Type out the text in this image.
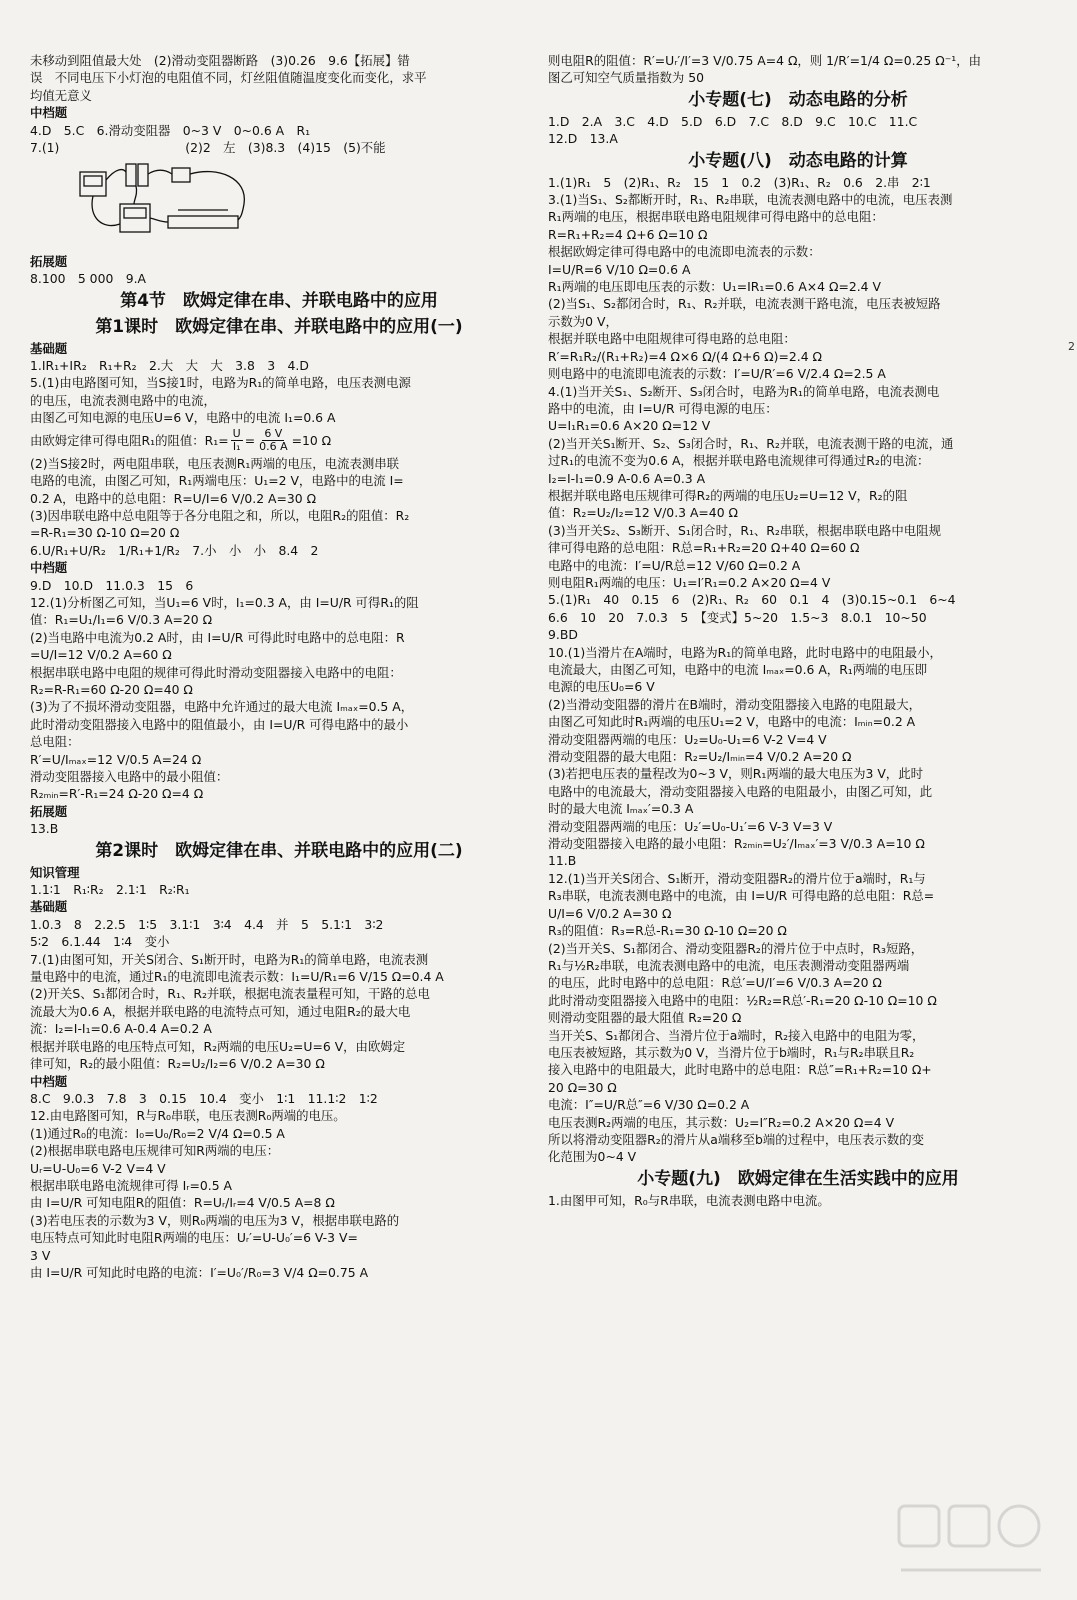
未移动到阻值最大处　(2)滑动变阻器断路　(3)0.26　9.6【拓展】错
误　不同电压下小灯泡的电阻值不同，灯丝阻值随温度变化而变化，求平
均值无意义
中档题
4.D　5.C　6.滑动变阻器　0~3 V　0~0.6 A　R₁
7.(1)	(2)2　左　(3)8.3　(4)15　(5)不能
拓展题
8.100　5 000　9.A
第4节　欧姆定律在串、并联电路中的应用
第1课时　欧姆定律在串、并联电路中的应用(一)
基础题
1.IR₁+IR₂　R₁+R₂　2.大　大　大　3.8　3　4.D
5.(1)由电路图可知，当S接1时，电路为R₁的简单电路，电压表测电源
的电压，电流表测电路中的电流，
由图乙可知电源的电压U=6 V，电路中的电流 I₁=0.6 A
由欧姆定律可得电阻R₁的阻值：$R_1= \frac{U}{\text{I₁}} = \frac{6 V}{0.6 A} =10$ Ω
(2)当S接2时，两电阻串联，电压表测R₁两端的电压，电流表测串联
电路的电流，由图乙可知，R₁两端电压：U₁=2 V，电路中的电流 I=
0.2 A，电路中的总电阻：R=U/I=6 V/0.2 A=30 Ω
(3)因串联电路中总电阻等于各分电阻之和，所以，电阻R₂的阻值：R₂
=R-R₁=30 Ω-10 Ω=20 Ω
6.U/R₁+U/R₂　1/R₁+1/R₂　7.小　小　小　8.4　2
中档题
9.D　10.D　11.0.3　15　6
12.(1)分析图乙可知，当U₁=6 V时，I₁=0.3 A，由 I=U/R 可得R₁的阻
值：R₁=U₁/I₁=6 V/0.3 A=20 Ω
(2)当电路中电流为0.2 A时，由 I=U/R 可得此时电路中的总电阻：R
=U/I=12 V/0.2 A=60 Ω
根据串联电路中电阻的规律可得此时滑动变阻器接入电路中的电阻：
R₂=R-R₁=60 Ω-20 Ω=40 Ω
(3)为了不损坏滑动变阻器，电路中允许通过的最大电流 Iₘₐₓ=0.5 A，
此时滑动变阻器接入电路中的阻值最小，由 I=U/R 可得电路中的最小
总电阻：
R′=U/Iₘₐₓ=12 V/0.5 A=24 Ω
滑动变阻器接入电路中的最小阻值：
R₂ₘᵢₙ=R′-R₁=24 Ω-20 Ω=4 Ω
拓展题
13.B
第2课时　欧姆定律在串、并联电路中的应用(二)
知识管理
1.1∶1　R₁∶R₂　2.1∶1　R₂∶R₁
基础题
1.0.3　8　2.2.5　1∶5　3.1∶1　3∶4　4.4　并　5　5.1∶1　3∶2
5∶2　6.1.44　1∶4　变小
7.(1)由图可知，开关S闭合、S₁断开时，电路为R₁的简单电路，电流表测
量电路中的电流，通过R₁的电流即电流表示数：I₁=U/R₁=6 V/15 Ω=0.4 A
(2)开关S、S₁都闭合时，R₁、R₂并联，根据电流表量程可知，干路的总电
流最大为0.6 A，根据并联电路的电流特点可知，通过电阻R₂的最大电
流：I₂=I-I₁=0.6 A-0.4 A=0.2 A
根据并联电路的电压特点可知，R₂两端的电压U₂=U=6 V，由欧姆定
律可知，R₂的最小阻值：R₂=U₂/I₂=6 V/0.2 A=30 Ω
中档题
8.C　9.0.3　7.8　3　0.15　10.4　变小　1∶1　11.1∶2　1∶2
12.由电路图可知，R与R₀串联，电压表测R₀两端的电压。
(1)通过R₀的电流：I₀=U₀/R₀=2 V/4 Ω=0.5 A
(2)根据串联电路电压规律可知R两端的电压：
Uᵣ=U-U₀=6 V-2 V=4 V
根据串联电路电流规律可得 Iᵣ=0.5 A
由 I=U/R 可知电阻R的阻值：R=Uᵣ/Iᵣ=4 V/0.5 A=8 Ω
(3)若电压表的示数为3 V，则R₀两端的电压为3 V，根据串联电路的
电压特点可知此时电阻R两端的电压：Uᵣ′=U-U₀′=6 V-3 V=
3 V
由 I=U/R 可知此时电路的电流：I′=U₀′/R₀=3 V/4 Ω=0.75 A
则电阻R的阻值：R′=Uᵣ′/I′=3 V/0.75 A=4 Ω，则 1/R′=1/4 Ω=0.25 Ω⁻¹，由
图乙可知空气质量指数为 50
小专题(七)　动态电路的分析
1.D　2.A　3.C　4.D　5.D　6.D　7.C　8.D　9.C　10.C　11.C
12.D　13.A
小专题(八)　动态电路的计算
1.(1)R₁　5　(2)R₁、R₂　15　1　0.2　(3)R₁、R₂　0.6　2.串　2∶1
3.(1)当S₁、S₂都断开时，R₁、R₂串联，电流表测电路中的电流，电压表测
R₁两端的电压，根据串联电路电阻规律可得电路中的总电阻：
R=R₁+R₂=4 Ω+6 Ω=10 Ω
根据欧姆定律可得电路中的电流即电流表的示数：
I=U/R=6 V/10 Ω=0.6 A
R₁两端的电压即电压表的示数：U₁=IR₁=0.6 A×4 Ω=2.4 V
(2)当S₁、S₂都闭合时，R₁、R₂并联，电流表测干路电流，电压表被短路
示数为0 V，
根据并联电路中电阻规律可得电路的总电阻：
R′=R₁R₂/(R₁+R₂)=4 Ω×6 Ω/(4 Ω+6 Ω)=2.4 Ω
则电路中的电流即电流表的示数：I′=U/R′=6 V/2.4 Ω=2.5 A
4.(1)当开关S₁、S₂断开、S₃闭合时，电路为R₁的简单电路，电流表测电
路中的电流，由 I=U/R 可得电源的电压：
U=I₁R₁=0.6 A×20 Ω=12 V
(2)当开关S₁断开、S₂、S₃闭合时，R₁、R₂并联，电流表测干路的电流，通
过R₁的电流不变为0.6 A，根据并联电路电流规律可得通过R₂的电流：
I₂=I-I₁=0.9 A-0.6 A=0.3 A
根据并联电路电压规律可得R₂的两端的电压U₂=U=12 V，R₂的阻
值：R₂=U₂/I₂=12 V/0.3 A=40 Ω
(3)当开关S₂、S₃断开、S₁闭合时，R₁、R₂串联，根据串联电路中电阻规
律可得电路的总电阻：R总=R₁+R₂=20 Ω+40 Ω=60 Ω
电路中的电流：I′=U/R总=12 V/60 Ω=0.2 A
则电阻R₁两端的电压：U₁=I′R₁=0.2 A×20 Ω=4 V
5.(1)R₁　40　0.15　6　(2)R₁、R₂　60　0.1　4　(3)0.15~0.1　6~4
6.6　10　20　7.0.3　5　【变式】5~20　1.5~3　8.0.1　10~50
9.BD
10.(1)当滑片在A端时，电路为R₁的简单电路，此时电路中的电阻最小，
电流最大，由图乙可知，电路中的电流 Iₘₐₓ=0.6 A，R₁两端的电压即
电源的电压U₀=6 V
(2)当滑动变阻器的滑片在B端时，滑动变阻器接入电路的电阻最大，
由图乙可知此时R₁两端的电压U₁=2 V，电路中的电流：Iₘᵢₙ=0.2 A
滑动变阻器两端的电压：U₂=U₀-U₁=6 V-2 V=4 V
滑动变阻器的最大电阻：R₂=U₂/Iₘᵢₙ=4 V/0.2 A=20 Ω
(3)若把电压表的量程改为0~3 V，则R₁两端的最大电压为3 V，此时
电路中的电流最大，滑动变阻器接入电路的电阻最小，由图乙可知，此
时的最大电流 Iₘₐₓ′=0.3 A
滑动变阻器两端的电压：U₂′=U₀-U₁′=6 V-3 V=3 V
滑动变阻器接入电路的最小电阻：R₂ₘᵢₙ=U₂′/Iₘₐₓ′=3 V/0.3 A=10 Ω
11.B
12.(1)当开关S闭合、S₁断开，滑动变阻器R₂的滑片位于a端时，R₁与
R₃串联，电流表测电路中的电流，由 I=U/R 可得电路的总电阻：R总=
U/I=6 V/0.2 A=30 Ω
R₃的阻值：R₃=R总-R₁=30 Ω-10 Ω=20 Ω
(2)当开关S、S₁都闭合、滑动变阻器R₂的滑片位于中点时，R₃短路，
R₁与½R₂串联，电流表测电路中的电流，电压表测滑动变阻器两端
的电压，此时电路中的总电阻：R总′=U/I′=6 V/0.3 A=20 Ω
此时滑动变阻器接入电路中的电阻：½R₂=R总′-R₁=20 Ω-10 Ω=10 Ω
则滑动变阻器的最大阻值 R₂=20 Ω
当开关S、S₁都闭合、当滑片位于a端时，R₂接入电路中的电阻为零，
电压表被短路，其示数为0 V，当滑片位于b端时，R₁与R₂串联且R₂
接入电路中的电阻最大，此时电路中的总电阻：R总″=R₁+R₂=10 Ω+
20 Ω=30 Ω
电流：I″=U/R总″=6 V/30 Ω=0.2 A
电压表测R₂两端的电压，其示数：U₂=I″R₂=0.2 A×20 Ω=4 V
所以将滑动变阻器R₂的滑片从a端移至b端的过程中，电压表示数的变
化范围为0~4 V
小专题(九)　欧姆定律在生活实践中的应用
1.由图甲可知，R₀与R串联，电流表测电路中电流。
2
